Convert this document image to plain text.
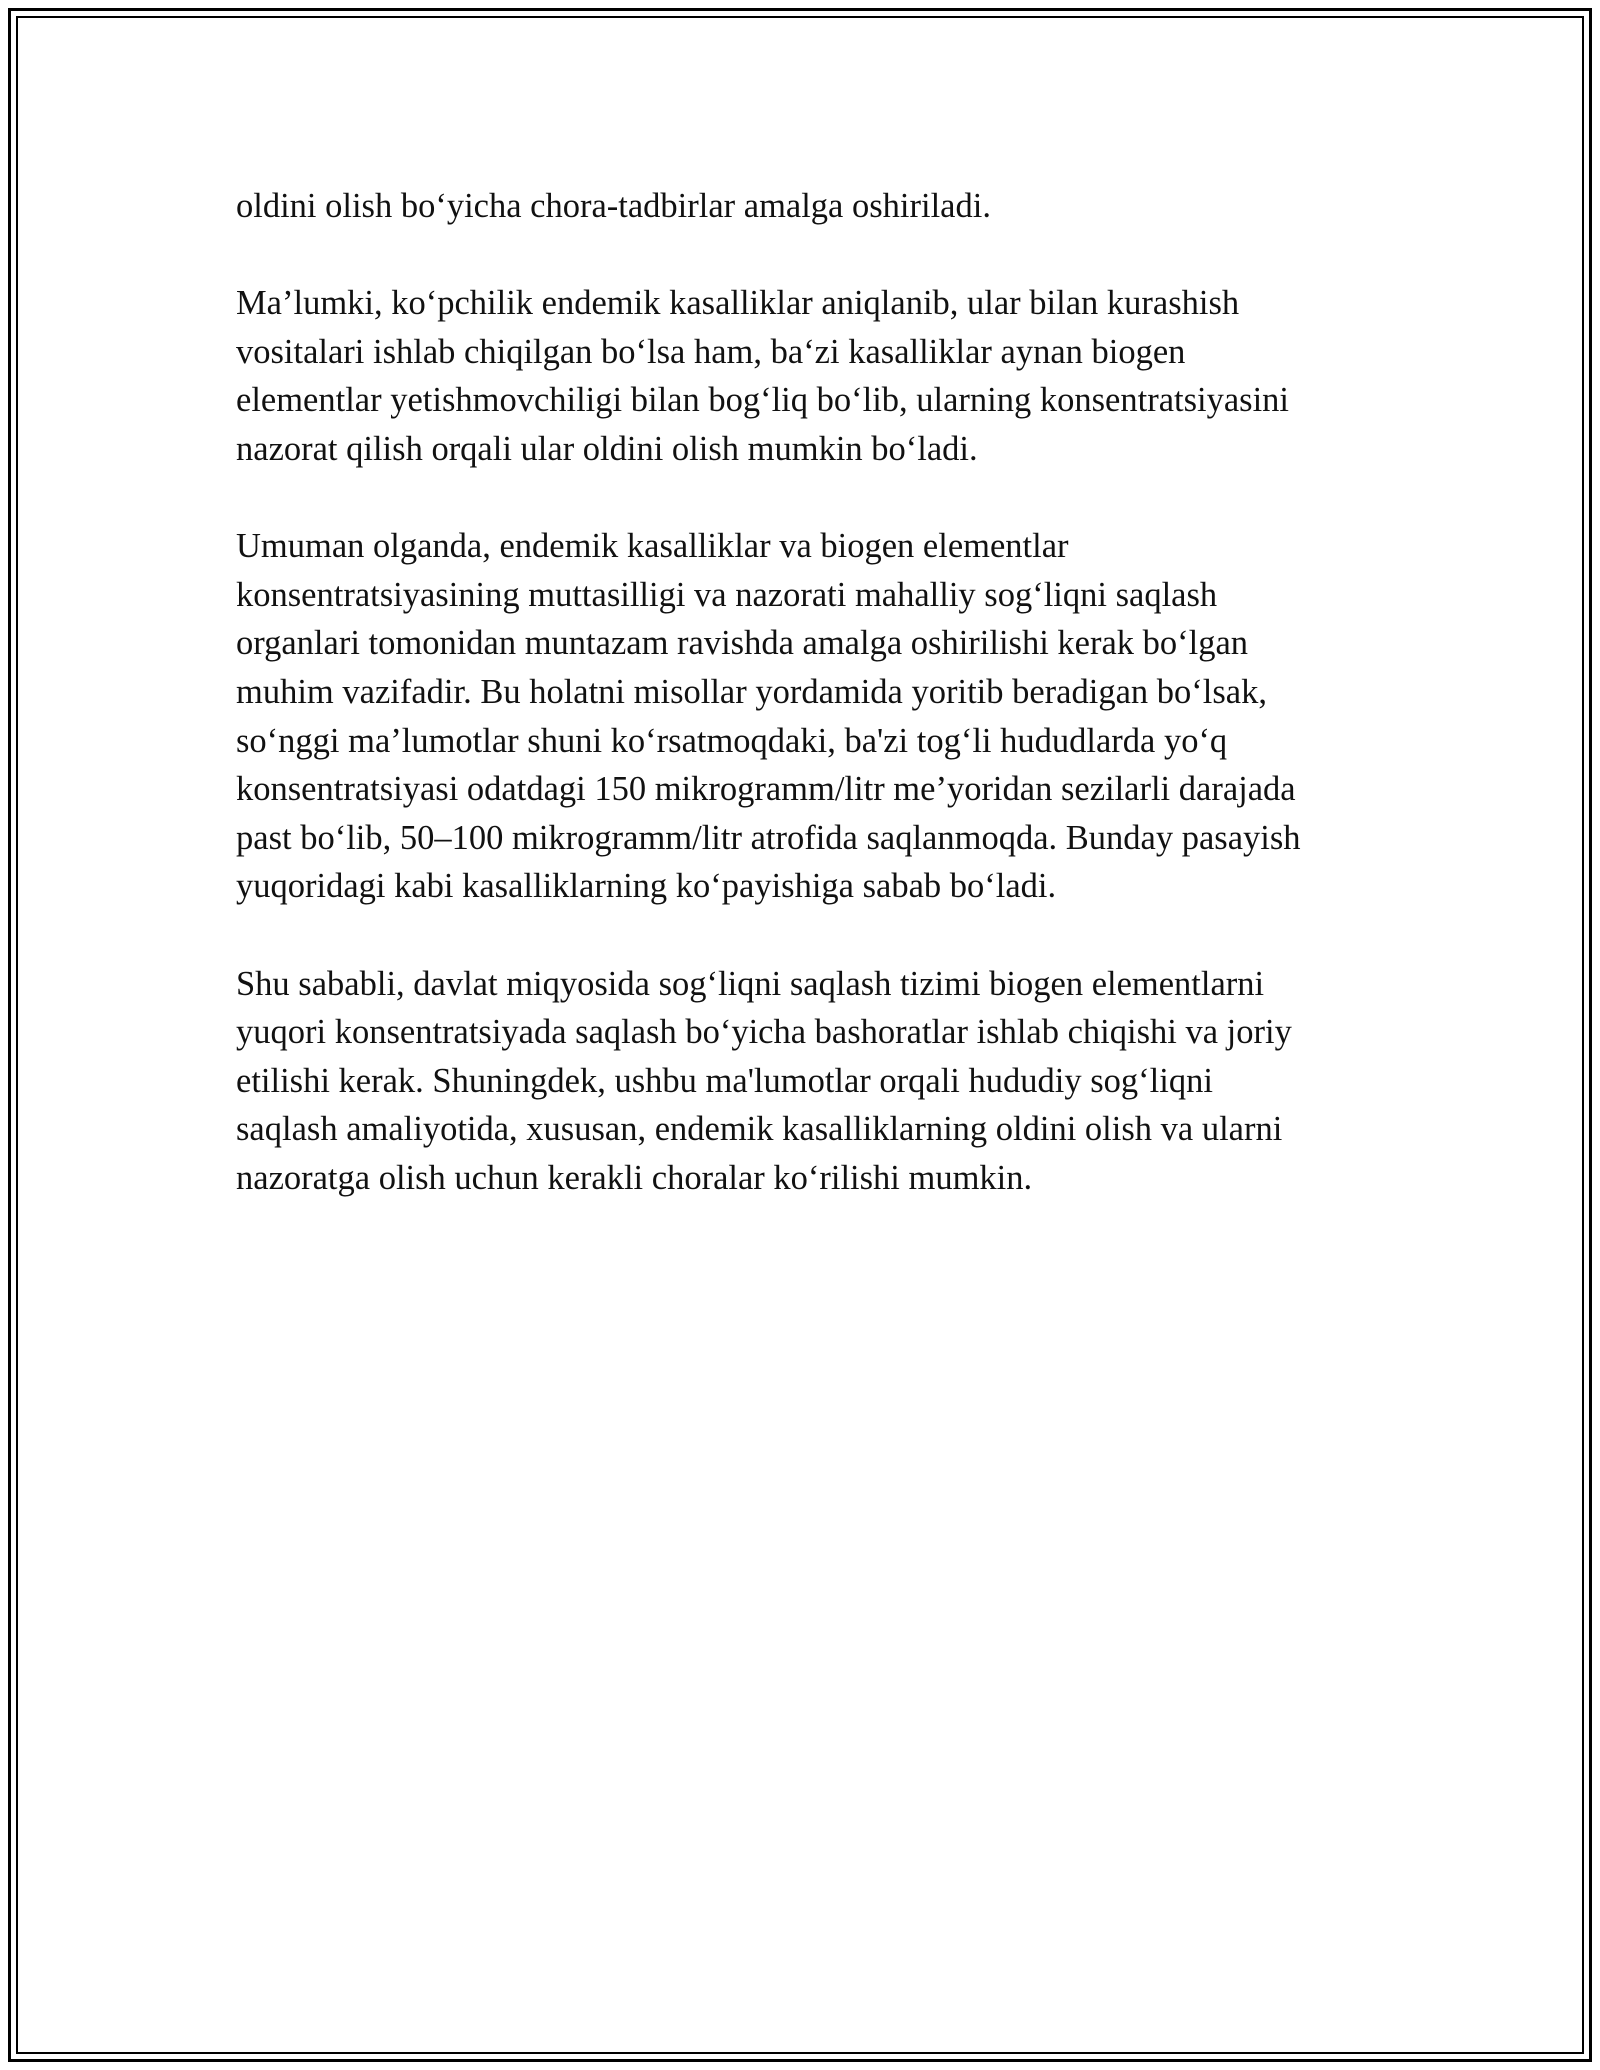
oldini olish bo‘yicha chora-tadbirlar amalga oshiriladi.

Ma’lumki, ko‘pchilik endemik kasalliklar aniqlanib, ular bilan kurashish
vositalari ishlab chiqilgan bo‘lsa ham, ba‘zi kasalliklar aynan biogen
elementlar yetishmovchiligi bilan bog‘liq bo‘lib, ularning konsentratsiyasini
nazorat qilish orqali ular oldini olish mumkin bo‘ladi.

Umuman olganda, endemik kasalliklar va biogen elementlar
konsentratsiyasining muttasilligi va nazorati mahalliy sog‘liqni saqlash
organlari tomonidan muntazam ravishda amalga oshirilishi kerak bo‘lgan
muhim vazifadir. Bu holatni misollar yordamida yoritib beradigan bo‘lsak,
so‘nggi ma’lumotlar shuni ko‘rsatmoqdaki, ba'zi tog‘li hududlarda yo‘q
konsentratsiyasi odatdagi 150 mikrogramm/litr me’yoridan sezilarli darajada
past bo‘lib, 50–100 mikrogramm/litr atrofida saqlanmoqda. Bunday pasayish
yuqoridagi kabi kasalliklarning ko‘payishiga sabab bo‘ladi.

Shu sababli, davlat miqyosida sog‘liqni saqlash tizimi biogen elementlarni
yuqori konsentratsiyada saqlash bo‘yicha bashoratlar ishlab chiqishi va joriy
etilishi kerak. Shuningdek, ushbu ma'lumotlar orqali hududiy sog‘liqni
saqlash amaliyotida, xususan, endemik kasalliklarning oldini olish va ularni
nazoratga olish uchun kerakli choralar ko‘rilishi mumkin.
